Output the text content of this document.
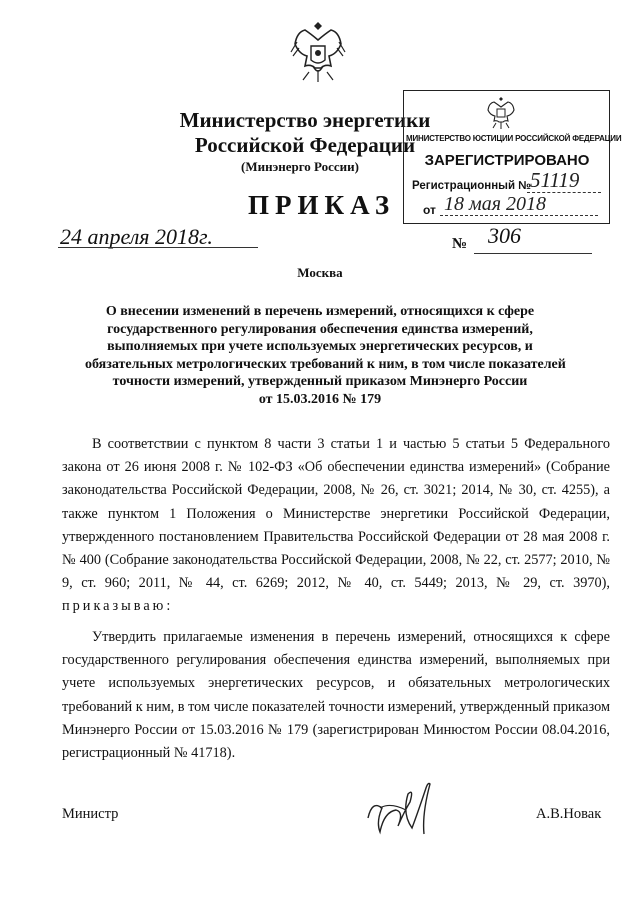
Министерство энергетики
Российской Федерации
(Минэнерго России)
ПРИКАЗ
МИНИСТЕРСТВО ЮСТИЦИИ РОССИЙСКОЙ ФЕДЕРАЦИИ
ЗАРЕГИСТРИРОВАНО
Регистрационный №
51119
от 18 мая 2018
24 апреля 2018г.	№ 306
Москва
О внесении изменений в перечень измерений, относящихся к сфере
государственного регулирования обеспечения единства измерений,
выполняемых при учете используемых энергетических ресурсов, и
обязательных метрологических требований к ним, в том числе показателей
точности измерений, утвержденный приказом Минэнерго России
от 15.03.2016 № 179

В соответствии с пунктом 8 части 3 статьи 1 и частью 5 статьи 5 Федерального закона от 26 июня 2008 г. № 102-ФЗ «Об обеспечении единства измерений» (Собрание законодательства Российской Федерации, 2008, № 26, ст. 3021; 2014, № 30, ст. 4255), а также пунктом 1 Положения о Министерстве энергетики Российской Федерации, утвержденного постановлением Правительства Российской Федерации от 28 мая 2008 г. № 400 (Собрание законодательства Российской Федерации, 2008, № 22, ст. 2577; 2010, № 9, ст. 960; 2011, № 44, ст. 6269; 2012, № 40, ст. 5449; 2013, № 29, ст. 3970), приказываю:

Утвердить прилагаемые изменения в перечень измерений, относящихся к сфере государственного регулирования обеспечения единства измерений, выполняемых при учете используемых энергетических ресурсов, и обязательных метрологических требований к ним, в том числе показателей точности измерений, утвержденный приказом Минэнерго России от 15.03.2016 № 179 (зарегистрирован Минюстом России 08.04.2016, регистрационный № 41718).

Министр	А.В.Новак
